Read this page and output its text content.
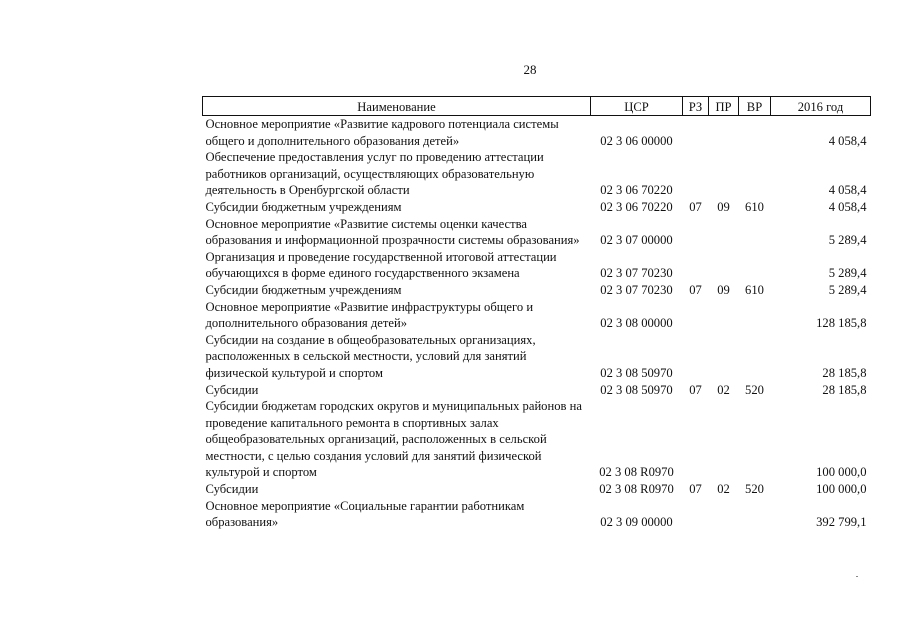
28
Наименование	ЦСР	РЗ	ПР	ВР	2016 год
Основное мероприятие «Развитие кадрового потенциала системы общего и дополнительного образования детей»	02 3 06 00000				4 058,4
Обеспечение предоставления услуг по проведению аттестации работников организаций, осуществляющих образовательную деятельность в Оренбургской области	02 3 06 70220				4 058,4
Субсидии бюджетным учреждениям	02 3 06 70220	07	09	610	4 058,4
Основное мероприятие «Развитие системы оценки качества образования и информационной прозрачности системы образования»	02 3 07 00000				5 289,4
Организация и проведение государственной итоговой аттестации обучающихся в форме единого государственного экзамена	02 3 07 70230				5 289,4
Субсидии бюджетным учреждениям	02 3 07 70230	07	09	610	5 289,4
Основное мероприятие «Развитие инфраструктуры общего и дополнительного образования детей»	02 3 08 00000				128 185,8
Субсидии на создание в общеобразовательных организациях, расположенных в сельской местности, условий для занятий физической культурой и спортом	02 3 08 50970				28 185,8
Субсидии	02 3 08 50970	07	02	520	28 185,8
Субсидии бюджетам городских округов и муниципальных районов на проведение капитального ремонта в спортивных залах общеобразовательных организаций, расположенных в сельской местности, с целью создания условий для занятий физической культурой и спортом	02 3 08 R0970				100 000,0
Субсидии	02 3 08 R0970	07	02	520	100 000,0
Основное мероприятие «Социальные гарантии работникам образования»	02 3 09 00000				392 799,1
